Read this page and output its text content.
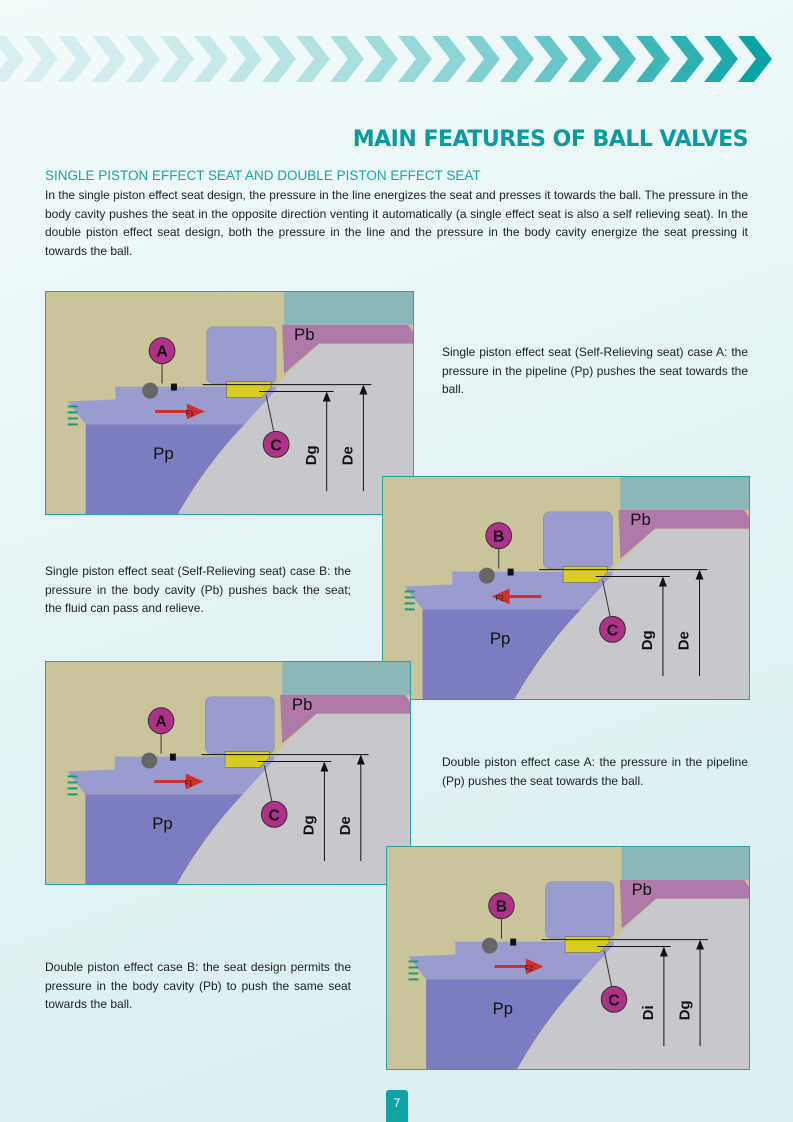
MAIN FEATURES OF BALL VALVES
SINGLE PISTON EFFECT SEAT AND DOUBLE PISTON EFFECT SEAT
In the single piston effect seat design, the pressure in the line energizes the seat and presses it towards the ball. The pressure in the body cavity pushes the seat in the opposite direction venting it automatically (a single effect seat is also a self relieving seat). In the double piston effect seat design, both the pressure in the line and the pressure in the body cavity energize the seat pressing it towards the ball.
A
C
F1
Pb
Pp	Dg De
Single piston effect seat (Self-Relieving seat) case A: the pressure in the pipeline (Pp) pushes the seat towards the ball.
B
C
F2
Pb
Pp	Dg De
Single piston effect seat (Self-Relieving seat) case B: the pressure in the body cavity (Pb) pushes back the seat; the fluid can pass and relieve.
A
C
F1
Pb
Pp	Dg De
Double piston effect case A: the pressure in the pipeline (Pp) pushes the seat towards the ball.
B
C
F2
Pb
Pp	Di Dg
Double piston effect case B: the seat design permits the pressure in the body cavity (Pb) to push the same seat towards the ball.
7
